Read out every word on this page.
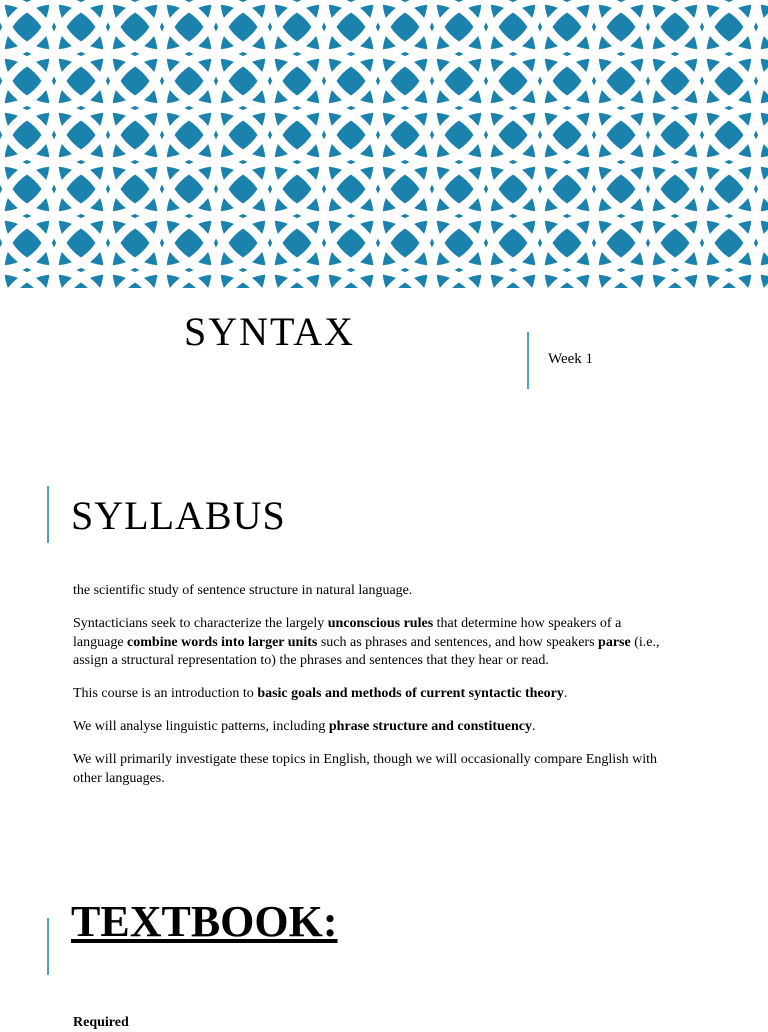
SYNTAX
Week 1
SYLLABUS

the scientific study of sentence structure in natural language.

Syntacticians seek to characterize the largely unconscious rules that determine how speakers of a language combine words into larger units such as phrases and sentences, and how speakers parse (i.e., assign a structural representation to) the phrases and sentences that they hear or read.

This course is an introduction to basic goals and methods of current syntactic theory.

We will analyse linguistic patterns, including phrase structure and constituency.

We will primarily investigate these topics in English, though we will occasionally compare English with other languages.

TEXTBOOK:
Required
